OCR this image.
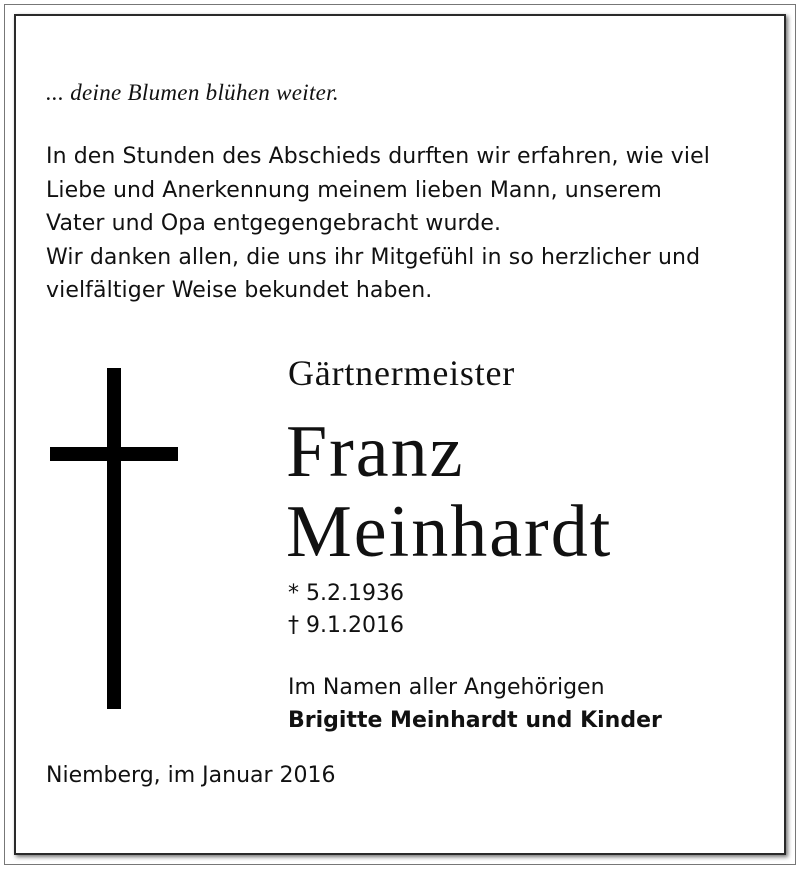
... deine Blumen blühen weiter.
In den Stunden des Abschieds durften wir erfahren, wie viel
Liebe und Anerkennung meinem lieben Mann, unserem
Vater und Opa entgegengebracht wurde.
Wir danken allen, die uns ihr Mitgefühl in so herzlicher und
vielfältiger Weise bekundet haben.
Gärtnermeister
Franz
Meinhardt
* 5.2.1936
† 9.1.2016
Im Namen aller Angehörigen
Brigitte Meinhardt und Kinder
Niemberg, im Januar 2016
